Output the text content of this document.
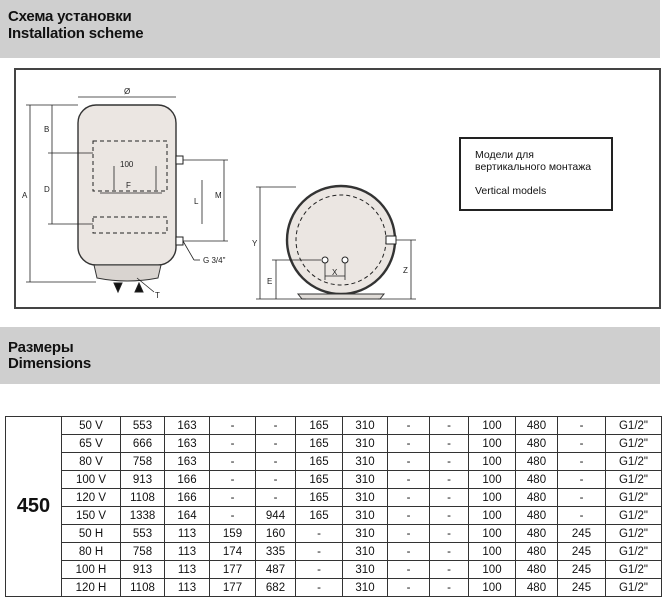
Схема установки
Installation scheme
Ø
A
B
D
100
F
L
M
G 3/4"
T
Y
E
X	Z
Модели для
вертикального монтажа
Vertical models
Размеры
Dimensions
450	50 V	553	163	-	-	165	310	-	-	100	480	-	G1/2"
	65 V	666	163	-	-	165	310	-	-	100	480	-	G1/2"
	80 V	758	163	-	-	165	310	-	-	100	480	-	G1/2"
	100 V	913	166	-	-	165	310	-	-	100	480	-	G1/2"
	120 V	1108	166	-	-	165	310	-	-	100	480	-	G1/2"
	150 V	1338	164	-	944	165	310	-	-	100	480	-	G1/2"
	50 H	553	113	159	160	-	310	-	-	100	480	245	G1/2"
	80 H	758	113	174	335	-	310	-	-	100	480	245	G1/2"
	100 H	913	113	177	487	-	310	-	-	100	480	245	G1/2"
	120 H	1108	113	177	682	-	310	-	-	100	480	245	G1/2"
